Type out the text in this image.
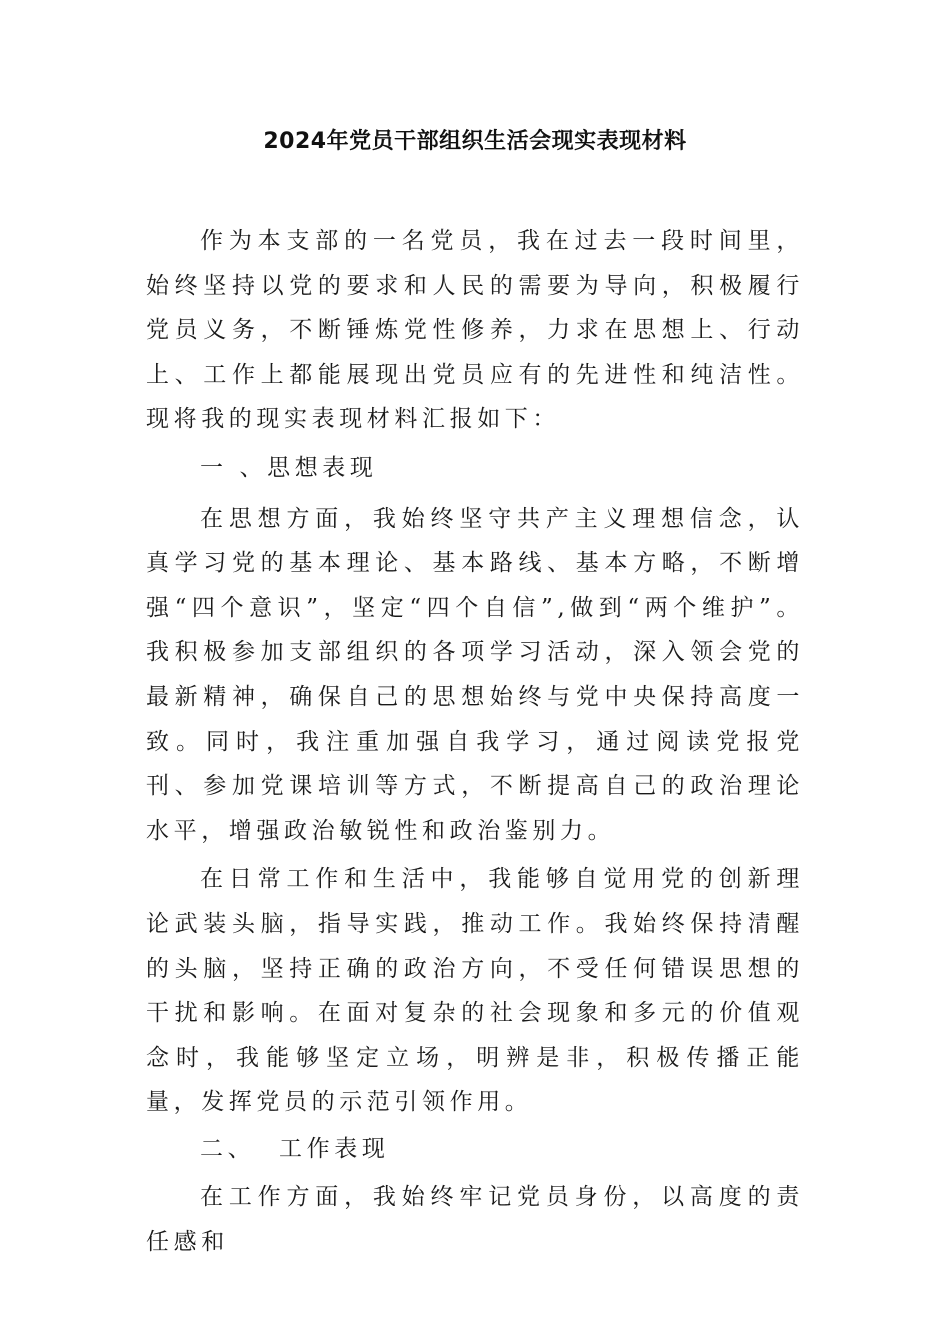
2024年党员干部组织生活会现实表现材料

作为本支部的一名党员，我在过去一段时间里，始终坚持以党的要求和人民的需要为导向，积极履行党员义务，不断锤炼党性修养，力求在思想上、行动上、工作上都能展现出党员应有的先进性和纯洁性。现将我的现实表现材料汇报如下：

一 、思想表现

在思想方面，我始终坚守共产主义理想信念，认真学习党的基本理论、基本路线、基本方略，不断增强“四个意识”，坚定“四个自信”,做到“两个维护”。我积极参加支部组织的各项学习活动，深入领会党的最新精神，确保自己的思想始终与党中央保持高度一致。同时，我注重加强自我学习，通过阅读党报党刊、参加党课培训等方式，不断提高自己的政治理论水平，增强政治敏锐性和政治鉴别力。

在日常工作和生活中，我能够自觉用党的创新理论武装头脑，指导实践，推动工作。我始终保持清醒的头脑，坚持正确的政治方向，不受任何错误思想的干扰和影响。在面对复杂的社会现象和多元的价值观念时，我能够坚定立场，明辨是非，积极传播正能量，发挥党员的示范引领作用。

二、  工作表现

在工作方面，我始终牢记党员身份，以高度的责任感和
